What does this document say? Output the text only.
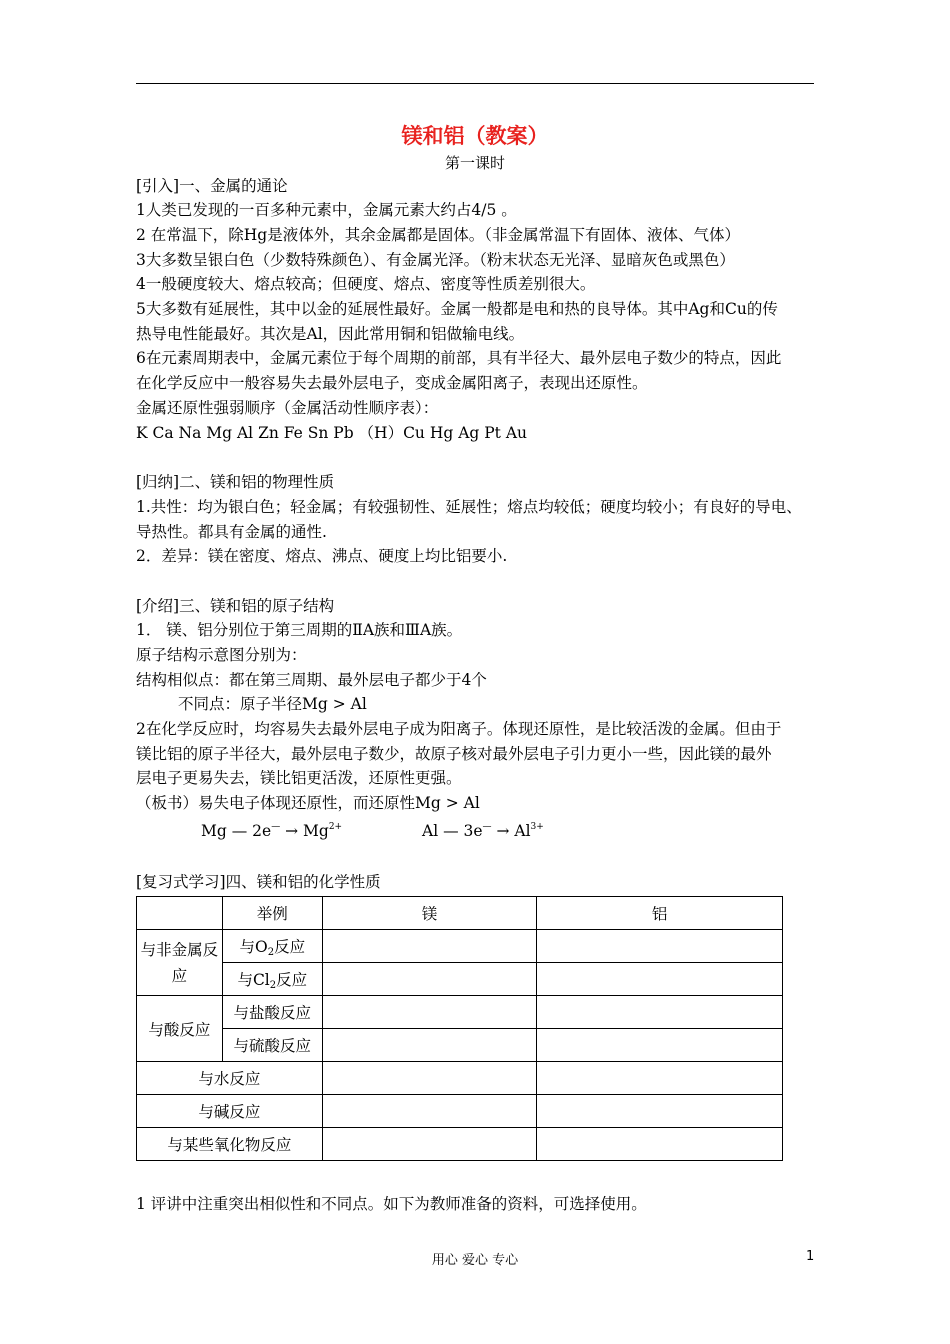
镁和铝（教案）
第一课时
[引入]一、金属的通论
1人类已发现的一百多种元素中，金属元素大约占4/5 。
2 在常温下，除Hg是液体外，其余金属都是固体。（非金属常温下有固体、液体、气体）
3大多数呈银白色（少数特殊颜色）、有金属光泽。（粉末状态无光泽、显暗灰色或黑色）
4一般硬度较大、熔点较高；但硬度、熔点、密度等性质差别很大。
5大多数有延展性，其中以金的延展性最好。金属一般都是电和热的良导体。其中Ag和Cu的传
热导电性能最好。其次是Al，因此常用铜和铝做输电线。
6在元素周期表中，金属元素位于每个周期的前部，具有半径大、最外层电子数少的特点，因此
在化学反应中一般容易失去最外层电子，变成金属阳离子，表现出还原性。
金属还原性强弱顺序（金属活动性顺序表）：
K Ca Na Mg Al Zn Fe Sn Pb （H）Cu Hg Ag Pt Au
[归纳]二、镁和铝的物理性质
1.共性：均为银白色；轻金属；有较强韧性、延展性；熔点均较低；硬度均较小；有良好的导电、
导热性。都具有金属的通性.
2．差异：镁在密度、熔点、沸点、硬度上均比铝要小.
[介绍]三、镁和铝的原子结构
1． 镁、铝分别位于第三周期的ⅡA族和ⅢA族。
原子结构示意图分别为：
结构相似点：都在第三周期、最外层电子都少于4个
不同点：原子半径Mg > Al
2在化学反应时，均容易失去最外层电子成为阳离子。体现还原性，是比较活泼的金属。但由于
镁比铝的原子半径大，最外层电子数少，故原子核对最外层电子引力更小一些，因此镁的最外
层电子更易失去，镁比铝更活泼，还原性更强。
（板书）易失电子体现还原性，而还原性Mg > Al
Mg — $2e^— \to Mg^{2+}$	Al — $3e^— \to Al^{3+}$
[复习式学习]四、镁和铝的化学性质
	举例	镁	铝
与非金属反应	与$O_2$反应		
	与$Cl_2$反应		
与酸反应	与盐酸反应		
	与硫酸反应		
与水反应			
与碱反应			
与某些氧化物反应			
1 评讲中注重突出相似性和不同点。如下为教师准备的资料，可选择使用。
用心 爱心 专心	1
